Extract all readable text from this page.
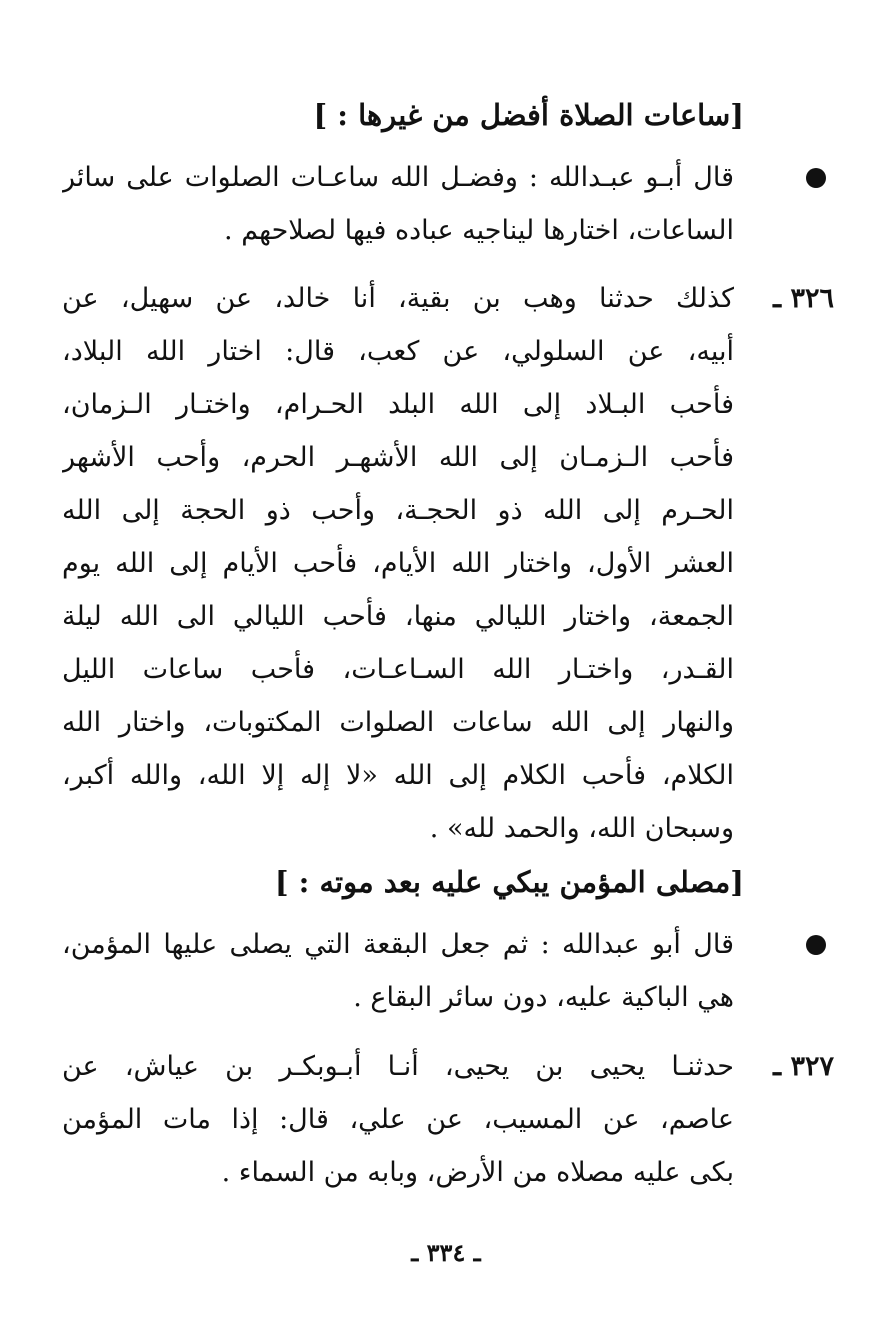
[ساعات الصلاة أفضل من غيرها : ]
قال أبـو عبـدالله : وفضـل الله ساعـات الصلوات على سائر
الساعات، اختارها ليناجيه عباده فيها لصلاحهم .
٣٢٦ ـ
كذلك حدثنا وهب بن بقية، أنا خالد، عن سهيل، عن
أبيه، عن السلولي، عن كعب، قال: اختار الله البلاد،
فأحب البـلاد إلى الله البلد الحـرام، واختـار الـزمان،
فأحب الـزمـان إلى الله الأشهـر الحرم، وأحب الأشهر
الحـرم إلى الله ذو الحجـة، وأحب ذو الحجة إلى الله
العشر الأول، واختار الله الأيام، فأحب الأيام إلى الله يوم
الجمعة، واختار الليالي منها، فأحب الليالي الى الله ليلة
القـدر، واختـار الله السـاعـات، فأحب ساعات الليل
والنهار إلى الله ساعات الصلوات المكتوبات، واختار الله
الكلام، فأحب الكلام إلى الله «لا إله إلا الله، والله أكبر،
وسبحان الله، والحمد لله» .
[مصلى المؤمن يبكي عليه بعد موته : ]
قال أبو عبدالله : ثم جعل البقعة التي يصلى عليها المؤمن،
هي الباكية عليه، دون سائر البقاع .
٣٢٧ ـ
حدثنـا يحيى بن يحيى، أنـا أبـوبكـر بن عياش، عن
عاصم، عن المسيب، عن علي، قال: إذا مات المؤمن
بكى عليه مصلاه من الأرض، وبابه من السماء .
ـ ٣٣٤ ـ
